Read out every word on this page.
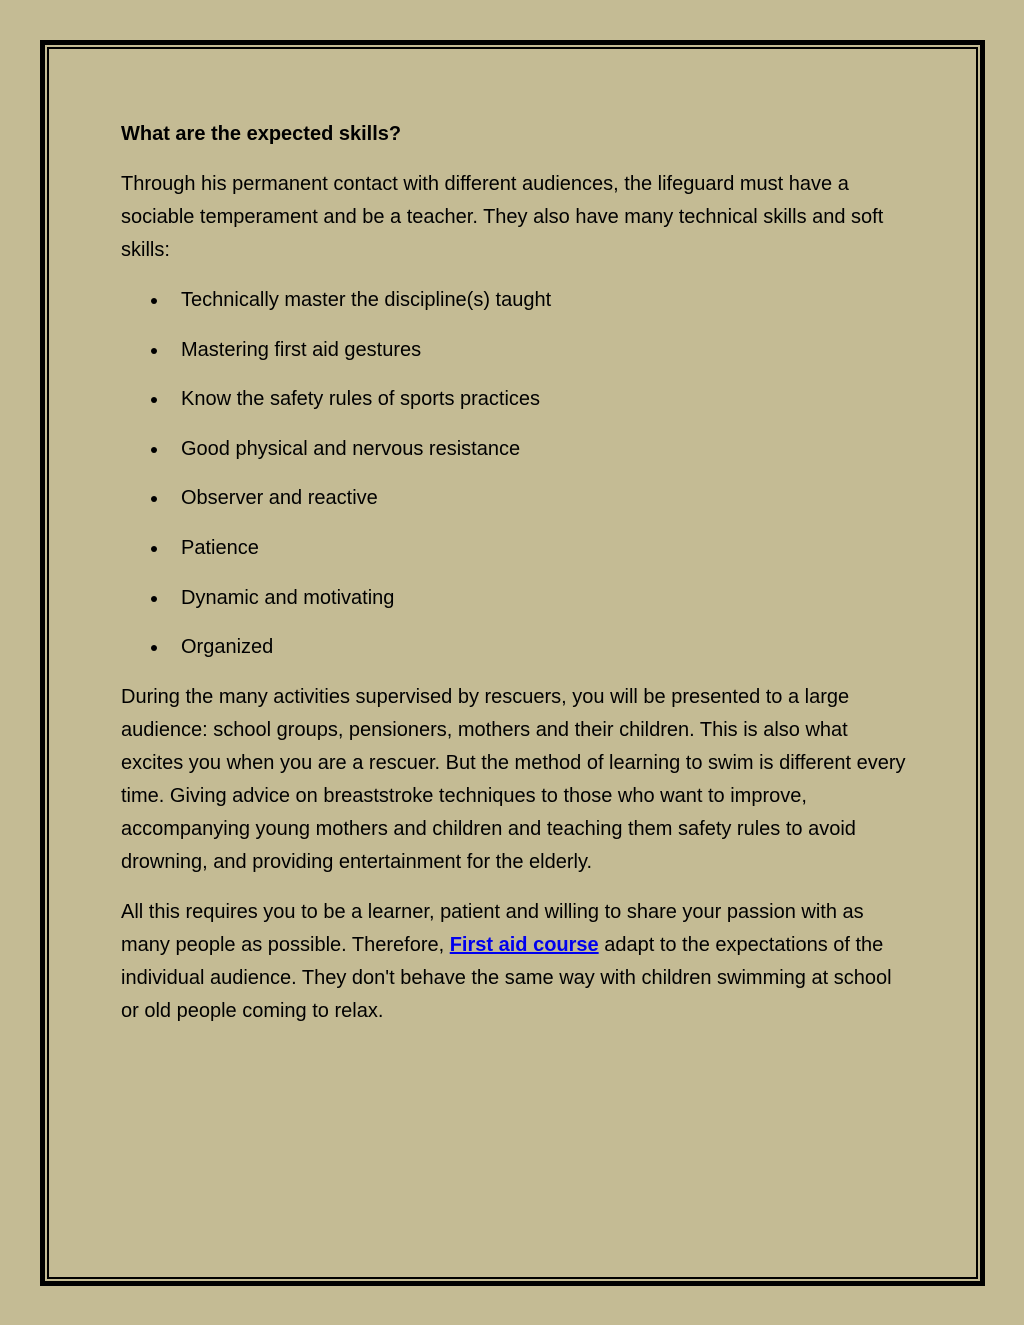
What are the expected skills?

Through his permanent contact with different audiences, the lifeguard must have a sociable temperament and be a teacher. They also have many technical skills and soft skills:

Technically master the discipline(s) taught
Mastering first aid gestures
Know the safety rules of sports practices
Good physical and nervous resistance
Observer and reactive
Patience
Dynamic and motivating
Organized

During the many activities supervised by rescuers, you will be presented to a large audience: school groups, pensioners, mothers and their children. This is also what excites you when you are a rescuer. But the method of learning to swim is different every time. Giving advice on breaststroke techniques to those who want to improve, accompanying young mothers and children and teaching them safety rules to avoid drowning, and providing entertainment for the elderly.

All this requires you to be a learner, patient and willing to share your passion with as many people as possible. Therefore, First aid course adapt to the expectations of the individual audience. They don't behave the same way with children swimming at school or old people coming to relax.
